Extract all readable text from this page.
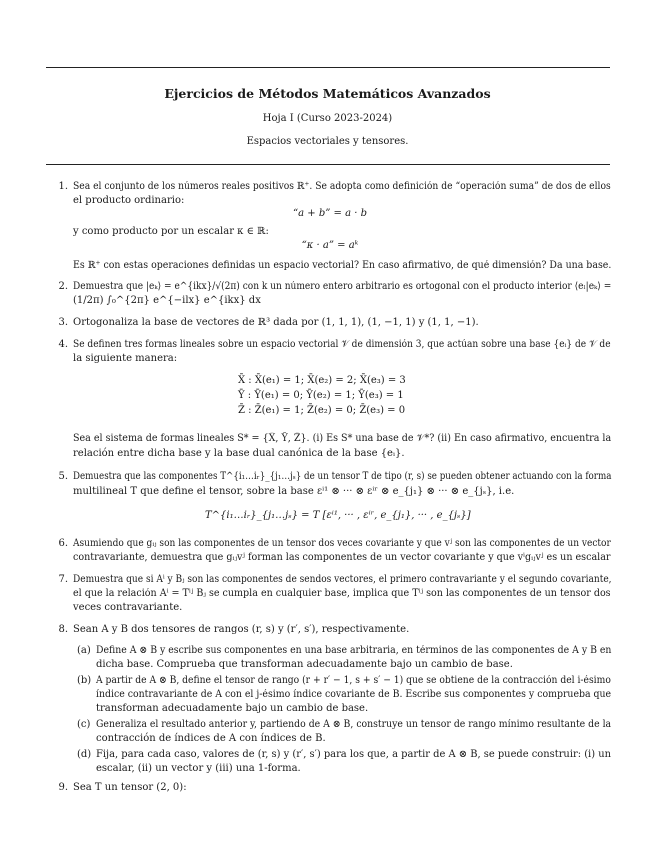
Ejercicios de Métodos Matemáticos Avanzados
Hoja I (Curso 2023-2024)
Espacios vectoriales y tensores.
1. Sea el conjunto de los números reales positivos ℝ⁺. Se adopta como definición de “operación suma” de dos de ellos
el producto ordinario:
“a + b” = a · b
y como producto por un escalar κ ∈ ℝ:
“κ · a” = aᵏ
Es ℝ⁺ con estas operaciones definidas un espacio vectorial? En caso afirmativo, de qué dimensión? Da una base.
2. Demuestra que |eₖ⟩ = e^{ikx}/√(2π) con k un número entero arbitrario es ortogonal con el producto interior ⟨eₗ|eₖ⟩ =
(1/2π) ∫₀^{2π} e^{−ilx} e^{ikx} dx
3. Ortogonaliza la base de vectores de ℝ³ dada por (1, 1, 1), (1, −1, 1) y (1, 1, −1).
4. Se definen tres formas lineales sobre un espacio vectorial 𝒱 de dimensión 3, que actúan sobre una base {eᵢ} de 𝒱 de
la siguiente manera:
X̄ : X̄(e₁) = 1; X̄(e₂) = 2; X̄(e₃) = 3
Ȳ : Ȳ(e₁) = 0; Ȳ(e₂) = 1; Ȳ(e₃) = 1
Z̄ : Z̄(e₁) = 1; Z̄(e₂) = 0; Z̄(e₃) = 0
Sea el sistema de formas lineales S* = {X̄, Ȳ, Z̄}. (i) Es S* una base de 𝒱*? (ii) En caso afirmativo, encuentra la
relación entre dicha base y la base dual canónica de la base {eᵢ}.
5. Demuestra que las componentes T^{i₁…iᵣ}_{j₁…jₛ} de un tensor T de tipo (r, s) se pueden obtener actuando con la forma
multilineal T que define el tensor, sobre la base εⁱ¹ ⊗ ··· ⊗ εⁱʳ ⊗ e_{j₁} ⊗ ··· ⊗ e_{jₛ}, i.e.
T^{i₁…iᵣ}_{j₁…jₛ} = T [εⁱ¹, ··· , εⁱʳ, e_{j₁}, ··· , e_{jₛ}]
6. Asumiendo que gᵢⱼ son las componentes de un tensor dos veces covariante y que vʲ son las componentes de un vector
contravariante, demuestra que gᵢⱼvʲ forman las componentes de un vector covariante y que vⁱgᵢⱼvʲ es un escalar
7. Demuestra que si Aⁱ y Bⱼ son las componentes de sendos vectores, el primero contravariante y el segundo covariante,
el que la relación Aⁱ = Tⁱʲ Bⱼ se cumpla en cualquier base, implica que Tⁱʲ son las componentes de un tensor dos
veces contravariante.
8. Sean A y B dos tensores de rangos (r, s) y (r′, s′), respectivamente.
(a) Define A ⊗ B y escribe sus componentes en una base arbitraria, en términos de las componentes de A y B en
dicha base. Comprueba que transforman adecuadamente bajo un cambio de base.
(b) A partir de A ⊗ B, define el tensor de rango (r + r′ − 1, s + s′ − 1) que se obtiene de la contracción del i-ésimo
índice contravariante de A con el j-ésimo índice covariante de B. Escribe sus componentes y comprueba que
transforman adecuadamente bajo un cambio de base.
(c) Generaliza el resultado anterior y, partiendo de A ⊗ B, construye un tensor de rango mínimo resultante de la
contracción de índices de A con índices de B.
(d) Fija, para cada caso, valores de (r, s) y (r′, s′) para los que, a partir de A ⊗ B, se puede construir: (i) un
escalar, (ii) un vector y (iii) una 1-forma.
9. Sea T un tensor (2, 0):
